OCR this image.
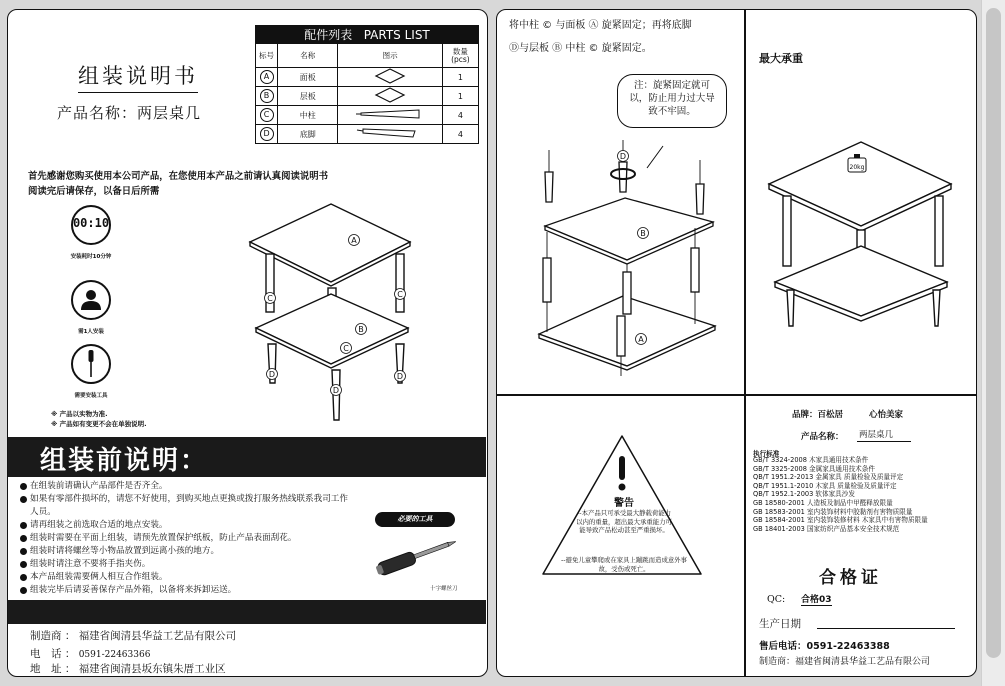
组装说明书
产品名称：两层桌几
配件列表 PARTS LIST			
标号	名称	图示	数量
(pcs)
A	面板		1
B	层板		1
C	中柱		4
D	底脚		4
首先感谢您购买使用本公司产品，在您使用本产品之前请认真阅读说明书
阅读完后请保存，以备日后所需
00:10
安装耗时10分钟
需1人安装
需要安装工具
※ 产品以实物为准.
※ 产品如有变更不会在单独说明.
A
B
C	C
C
D	D
D
组装前说明：
在组装前请确认产品部件是否齐全。
如果有零部件损坏的，请您不好使用，到购买地点更换或拨打服务热线联系我司工作人员。
请再组装之前选取合适的地点安装。
组装时需要在平面上组装，请预先放置保护纸板，防止产品表面刮花。
组装时请将螺丝等小物品放置到远离小孩的地方。
组装时请注意不要将手指夹伤。
本产品组装需要俩人相互合作组装。
组装完毕后请妥善保存产品外箱，以备将来拆卸运送。
必要的工具
十字螺丝刀
制造商 ： 福建省闽清县华益工艺品有限公司
电　话 ： 0591-22463366
地　址 ： 福建省闽清县坂东镇朱厝工业区
将中柱 © 与面板 Ⓐ 旋紧固定；再将底脚
Ⓓ与层板 Ⓑ 中柱 © 旋紧固定。
注：旋紧固定就可以，防止用力过大导致不牢固。
B
A
D
最大承重
20kg
警告
--本产品只可承受最大静载荷能力以内的重量，超出最大承重能力可能导致产品松动甚至严重损坏。
--避免儿童攀爬或在家具上蹦跳而造成意外事故，受伤或死亡。
品牌：百松居	心怡美家
产品名称： 两层桌几
执行标准
GB/T 3324-2008 木家具通用技术条件
GB/T 3325-2008 金属家具通用技术条件
QB/T 1951.2-2013 金属家具 质量检验及质量评定
QB/T 1951.1-2010 木家具 质量检验及质量评定
QB/T 1952.1-2003 软体家具沙发
GB 18580-2001 人造板及制品中甲醛释放限量
GB 18583-2001 室内装饰材料中胶黏剂有害物质限量
GB 18584-2001 室内装饰装修材料 木家具中有害物质限量
GB 18401-2003 国家纺织产品基本安全技术规范
合格证
QC: 合格03
生产日期
售后电话：0591-22463388
制造商：福建省闽清县华益工艺品有限公司
